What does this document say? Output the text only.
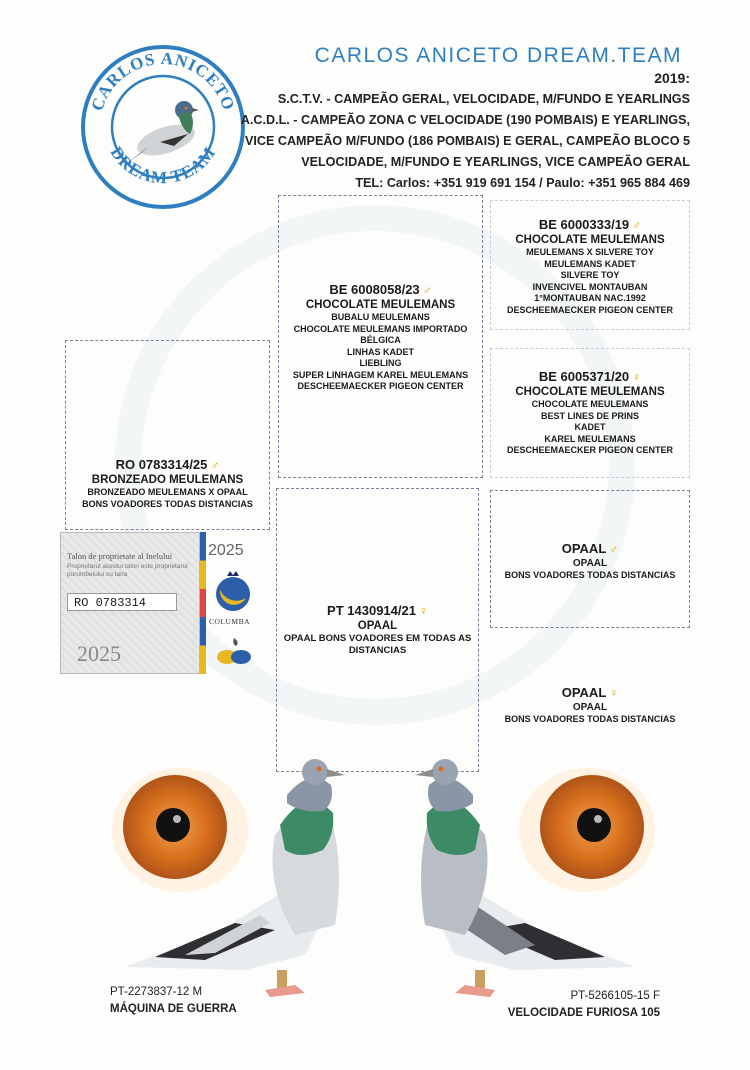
CARLOS ANICETO
DREAM TEAM
CARLOS ANICETO DREAM.TEAM
2019:
S.C.T.V. - CAMPEÃO GERAL, VELOCIDADE, M/FUNDO E YEARLINGS
A.C.D.L. - CAMPEÃO ZONA C VELOCIDADE (190 POMBAIS) E YEARLINGS,
VICE CAMPEÃO M/FUNDO (186 POMBAIS) E GERAL, CAMPEÃO BLOCO 5
VELOCIDADE, M/FUNDO E YEARLINGS, VICE CAMPEÃO GERAL
TEL: Carlos: +351 919 691 154 / Paulo: +351 965 884 469
RO 0783314/25 ♂
BRONZEADO MEULEMANS
BRONZEADO MEULEMANS X OPAAL
BONS VOADORES TODAS DISTANCIAS
BE 6008058/23 ♂
CHOCOLATE MEULEMANS
BUBALU MEULEMANS
CHOCOLATE MEULEMANS IMPORTADO
BÉLGICA
LINHAS KADET
LIEBLING
SUPER LINHAGEM KAREL MEULEMANS
DESCHEEMAECKER PIGEON CENTER
PT 1430914/21 ♀
OPAAL
OPAAL BONS VOADORES EM TODAS AS
DISTANCIAS
BE 6000333/19 ♂
CHOCOLATE MEULEMANS
MEULEMANS X SILVERE TOY
MEULEMANS KADET
SILVERE TOY
INVENCIVEL MONTAUBAN
1°MONTAUBAN NAC.1992
DESCHEEMAECKER PIGEON CENTER
BE 6005371/20 ♀
CHOCOLATE MEULEMANS
CHOCOLATE MEULEMANS
BEST LINES DE PRINS
KADET
KAREL MEULEMANS
DESCHEEMAECKER PIGEON CENTER
OPAAL ♂
OPAAL
BONS VOADORES TODAS DISTANCIAS
OPAAL ♀
OPAAL
BONS VOADORES TODAS DISTANCIAS
Talon de proprietate al Inelului
Proprietarul acestui talon este proprietarul porumbelului cu tarla
RO 0783314
2025
2025
COLUMBA
PT-2273837-12 M
MÁQUINA DE GUERRA
PT-5266105-15 F
VELOCIDADE FURIOSA 105
